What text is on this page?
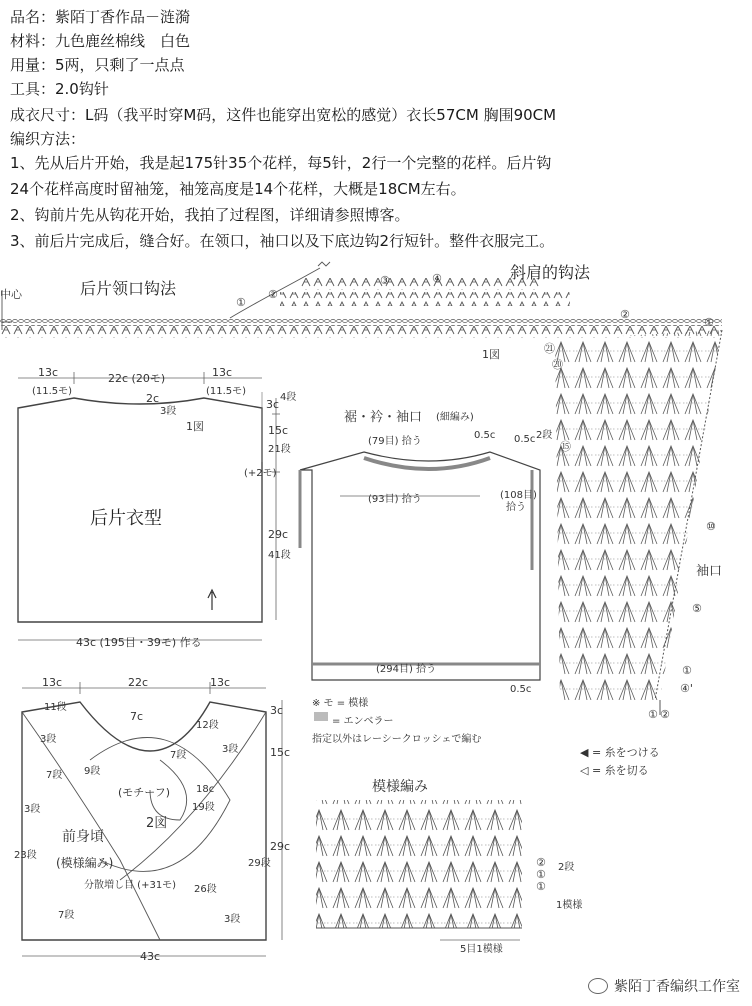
品名：紫陌丁香作品－涟漪
材料：九色鹿丝棉线　白色
用量：5两，只剩了一点点
工具：2.0钩针
成衣尺寸：L码（我平时穿M码，这件也能穿出宽松的感觉）衣长57CM 胸围90CM
编织方法：
1、先从后片开始，我是起175针35个花样，每5针，2行一个完整的花样。后片钩
24个花样高度时留袖笼，袖笼高度是14个花样，大概是18CM左右。
2、钩前片先从钩花开始，我拍了过程图，详细请参照博客。
3、前后片完成后，缝合好。在领口，袖口以及下底边钩2行短针。整件衣服完工。
后片领口钩法
中心
①
②
③	④	斜肩的钩法
1図	㉑
⑳
⑮
⑩
⑤
①
④'
②
①
① ②
袖口
13c
(11.5モ)
22c (20モ)	13c
(11.5モ)
2c
3段
1図
后片衣型
3c
4段
15c
21段
(+2モ)
29c
41段
43c (195目・39モ) 作る
裾・衿・袖口 (細編み)
(79目) 拾う
0.5c	2段
0.5c
(93目) 拾う	(108目)
拾う
(294目) 拾う
0.5c
※ モ = 模様
= エンベラー
指定以外はレーシークロッシェで編む
13c	22c	13c
7c	3c
15c
29c
11段
3段
7段 9段
12段
7段
3段
18c
19段
3段
23段
26段
29段
7段	3段
(モチーフ)
2図
前身頃
(模様編み)
分散増し目 (+31モ)
43c
模様編み
②
①
①
2段
1模様
5目1模様
◀ = 糸をつける
◁ = 糸を切る
紫陌丁香编织工作室
